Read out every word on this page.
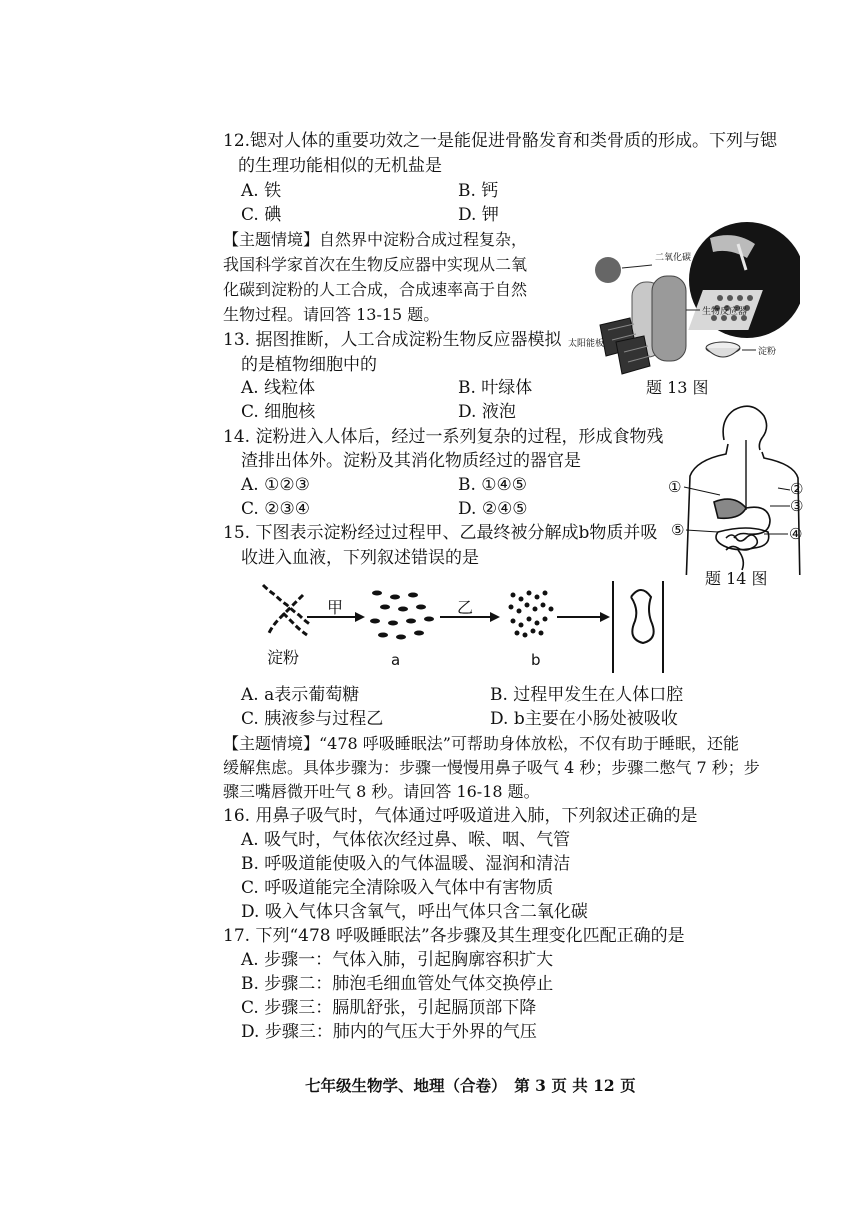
12.锶对人体的重要功效之一是能促进骨骼发育和类骨质的形成。下列与锶
的生理功能相似的无机盐是
A. 铁	B. 钙
C. 碘	D. 钾
【主题情境】自然界中淀粉合成过程复杂，
我国科学家首次在生物反应器中实现从二氧
化碳到淀粉的人工合成，合成速率高于自然
生物过程。请回答 13-15 题。
13. 据图推断，人工合成淀粉生物反应器模拟
的是植物细胞中的
A. 线粒体	B. 叶绿体
C. 细胞核	D. 液泡
二氧化碳
生物反应器
太阳能板
淀粉
题 13 图
14. 淀粉进入人体后，经过一系列复杂的过程，形成食物残
渣排出体外。淀粉及其消化物质经过的器官是
A. ①②③	B. ①④⑤
C. ②③④	D. ②④⑤
①	②
③
④
⑤
题 14 图
15. 下图表示淀粉经过过程甲、乙最终被分解成b物质并吸
收进入血液，下列叙述错误的是
甲	乙
淀粉	a	b
A. a表示葡萄糖	B. 过程甲发生在人体口腔
C. 胰液参与过程乙	D. b主要在小肠处被吸收
【主题情境】“478 呼吸睡眠法”可帮助身体放松，不仅有助于睡眠，还能
缓解焦虑。具体步骤为：步骤一慢慢用鼻子吸气 4 秒；步骤二憋气 7 秒；步
骤三嘴唇微开吐气 8 秒。请回答 16-18 题。
16. 用鼻子吸气时，气体通过呼吸道进入肺，下列叙述正确的是
A. 吸气时，气体依次经过鼻、喉、咽、气管
B. 呼吸道能使吸入的气体温暖、湿润和清洁
C. 呼吸道能完全清除吸入气体中有害物质
D. 吸入气体只含氧气，呼出气体只含二氧化碳
17. 下列“478 呼吸睡眠法”各步骤及其生理变化匹配正确的是
A. 步骤一：气体入肺，引起胸廓容积扩大
B. 步骤二：肺泡毛细血管处气体交换停止
C. 步骤三：膈肌舒张，引起膈顶部下降
D. 步骤三：肺内的气压大于外界的气压
七年级生物学、地理（合卷）　第 3 页 共 12 页
